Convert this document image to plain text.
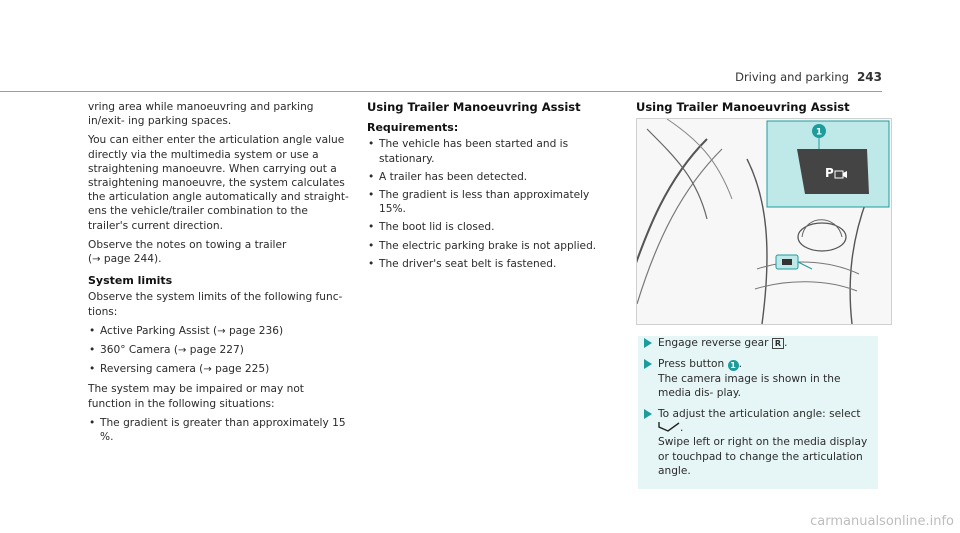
Driving and parking 243

vring area while manoeuvring and parking in/exit- ing parking spaces.

You can either enter the articulation angle value directly via the multimedia system or use a straightening manoeuvre. When carrying out a straightening manoeuvre, the system calculates the articulation angle automatically and straight- ens the vehicle/trailer combination to the trailer's current direction.

Observe the notes on towing a trailer
(→ page 244).

System limits

Observe the system limits of the following func- tions:

• Active Parking Assist (→ page 236)
• 360° Camera (→ page 227)
• Reversing camera (→ page 225)

The system may be impaired or may not function in the following situations:

• The gradient is greater than approximately 15 %.
Using Trailer Manoeuvring Assist
Requirements:
• The vehicle has been started and is stationary.
• A trailer has been detected.
• The gradient is less than approximately 15%.
• The boot lid is closed.
• The electric parking brake is not applied.
• The driver's seat belt is fastened.
Using Trailer Manoeuvring Assist
P
1
Engage reverse gear R .
Press button 1 .
The camera image is shown in the media dis- play.
To adjust the articulation angle: select .
Swipe left or right on the media display or touchpad to change the articulation angle.
carmanualsonline.info
